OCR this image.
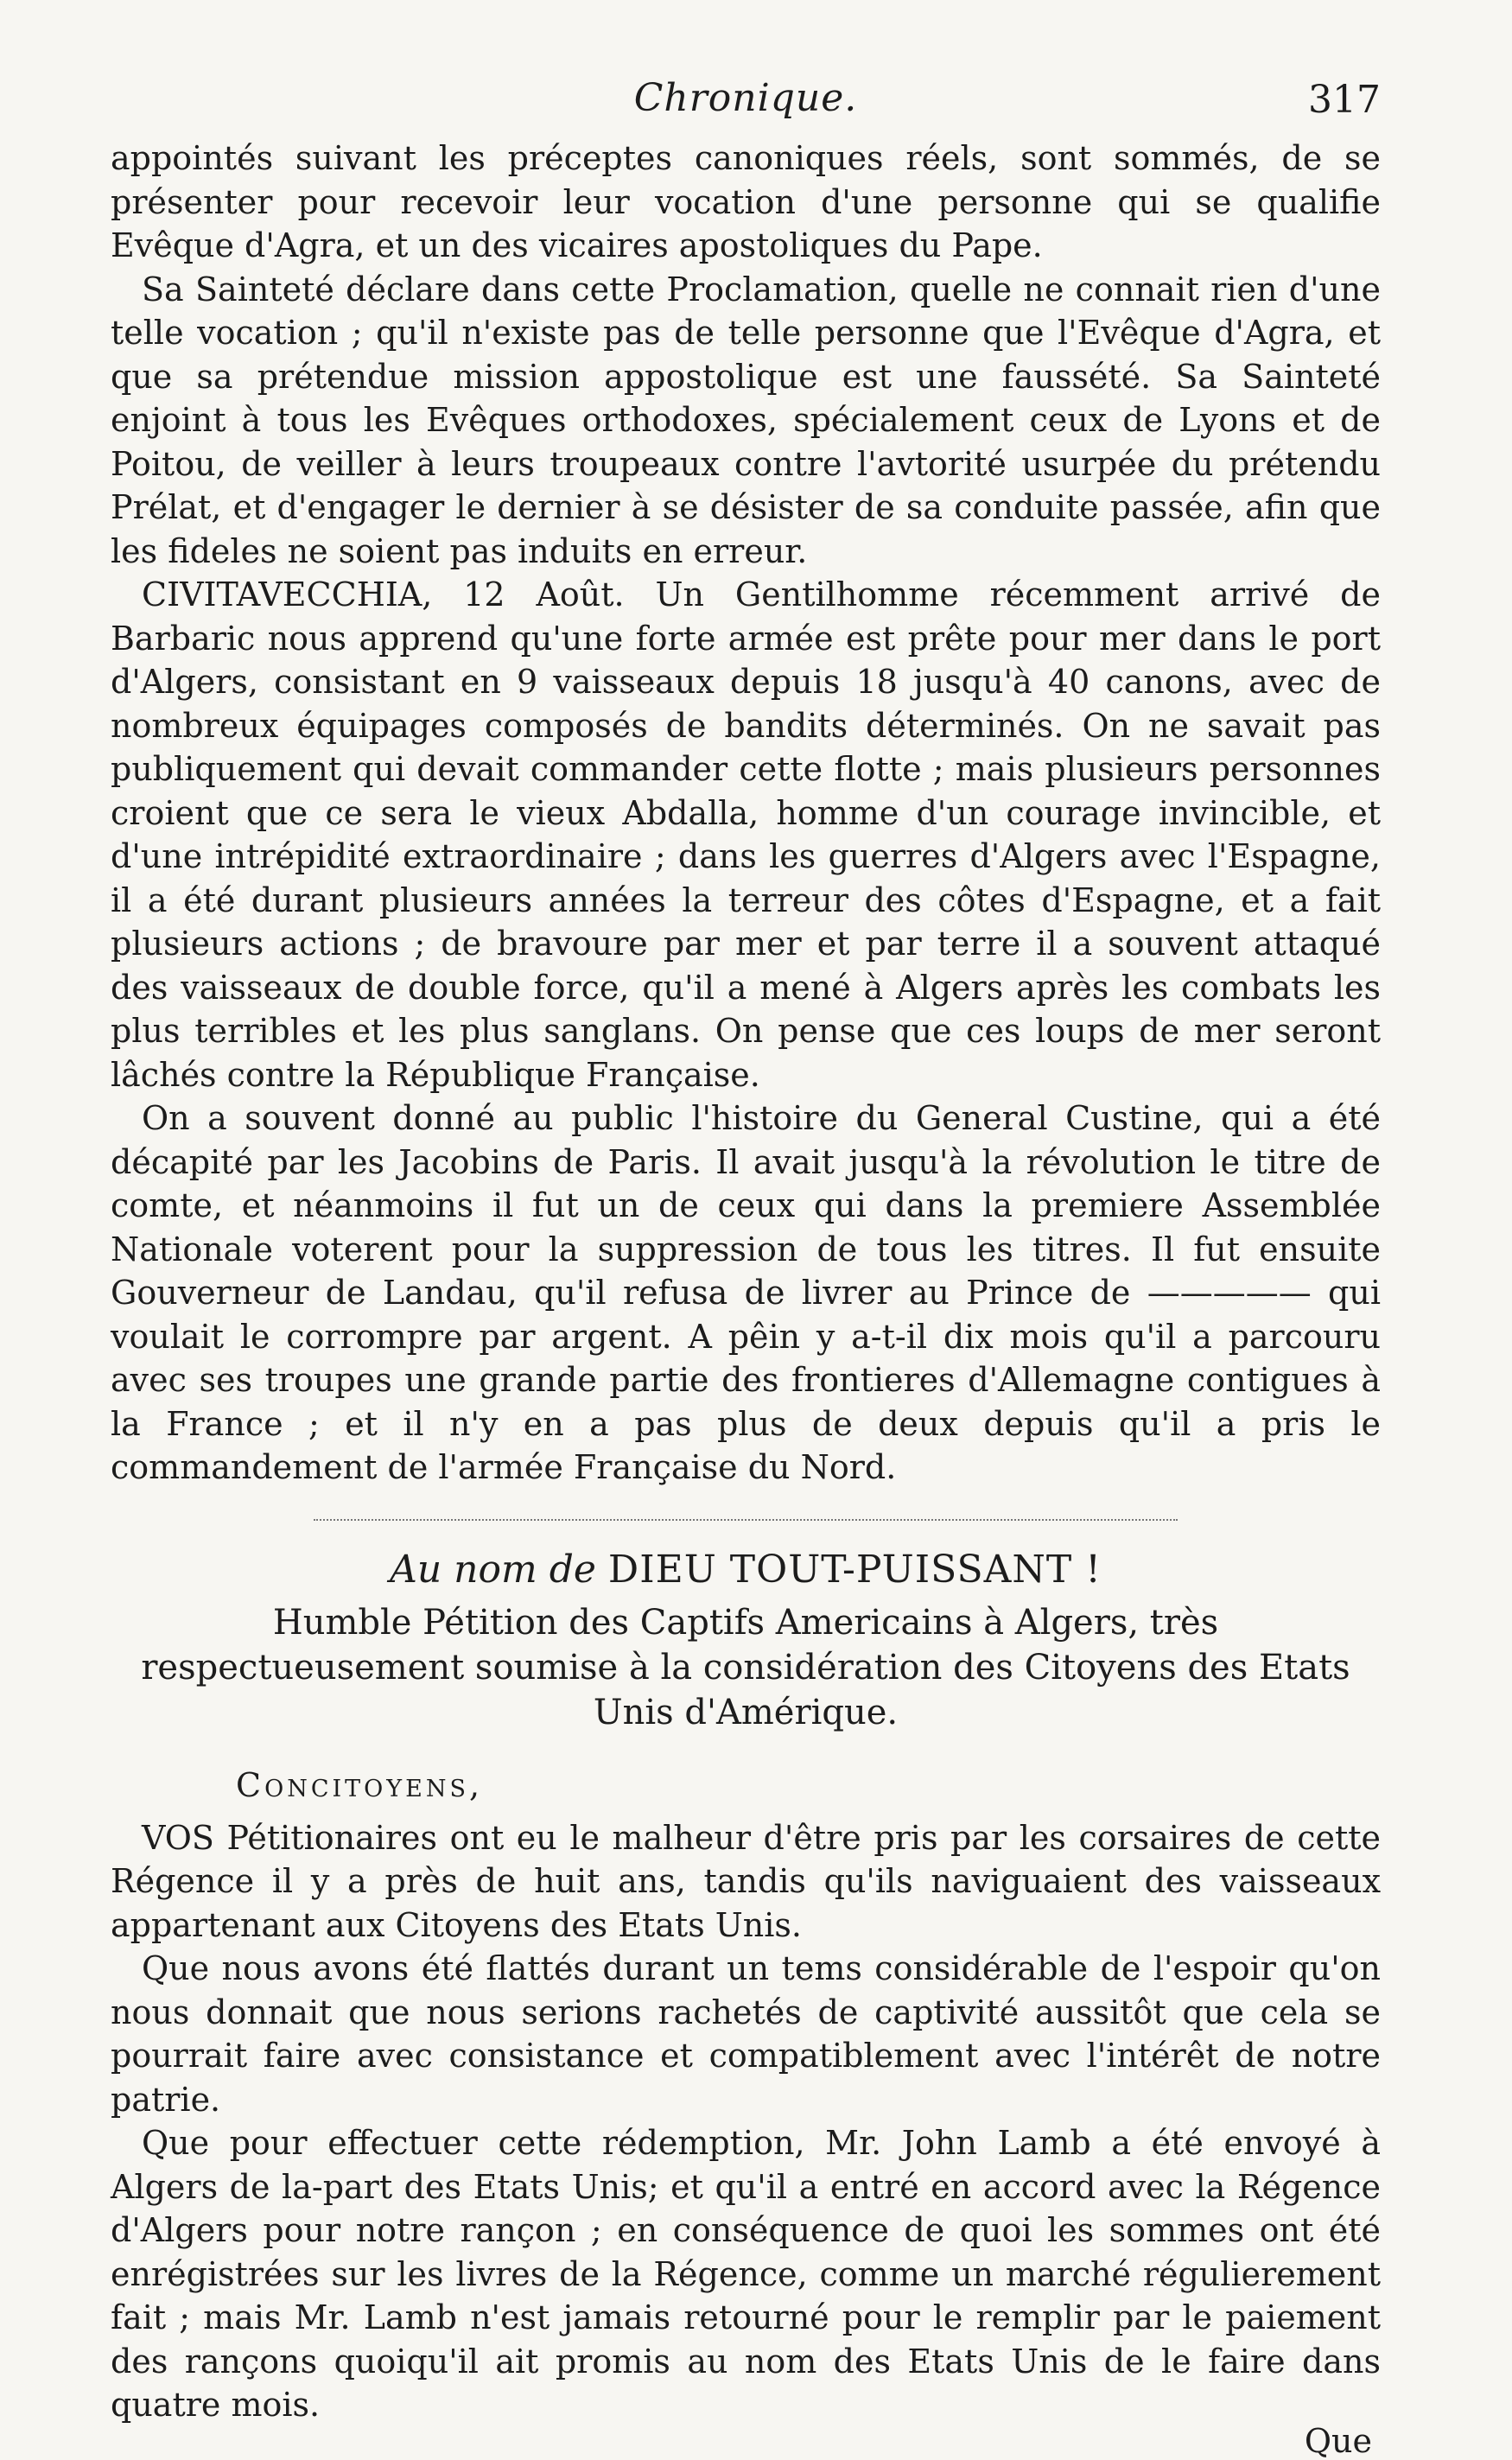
Chronique.	317

appointés suivant les préceptes canoniques réels, sont sommés, de se présenter pour recevoir leur vocation d'une personne qui se qualifie Evêque d'Agra, et un des vicaires apostoliques du Pape.

Sa Sainteté déclare dans cette Proclamation, quelle ne connait rien d'une telle vocation ; qu'il n'existe pas de telle personne que l'Evêque d'Agra, et que sa prétendue mission appostolique est une faussété. Sa Sainteté enjoint à tous les Evêques orthodoxes, spécialement ceux de Lyons et de Poitou, de veiller à leurs troupeaux contre l'avtorité usurpée du prétendu Prélat, et d'engager le dernier à se désister de sa conduite passée, afin que les fideles ne soient pas induits en erreur.

CIVITAVECCHIA, 12 Août. Un Gentilhomme récemment arrivé de Barbaric nous apprend qu'une forte armée est prête pour mer dans le port d'Algers, consistant en 9 vaisseaux depuis 18 jusqu'à 40 canons, avec de nombreux équipages composés de bandits déterminés. On ne savait pas publiquement qui devait commander cette flotte ; mais plusieurs personnes croient que ce sera le vieux Abdalla, homme d'un courage invincible, et d'une intrépidité extraordinaire ; dans les guerres d'Algers avec l'Espagne, il a été durant plusieurs années la terreur des côtes d'Espagne, et a fait plusieurs actions ; de bravoure par mer et par terre il a souvent attaqué des vaisseaux de double force, qu'il a mené à Algers après les combats les plus terribles et les plus sanglans. On pense que ces loups de mer seront lâchés contre la République Française.

On a souvent donné au public l'histoire du General Custine, qui a été décapité par les Jacobins de Paris. Il avait jusqu'à la révolution le titre de comte, et néanmoins il fut un de ceux qui dans la premiere Assemblée Nationale voterent pour la suppression de tous les titres. Il fut ensuite Gouverneur de Landau, qu'il refusa de livrer au Prince de ————— qui voulait le corrompre par argent. A pêin y a-t-il dix mois qu'il a parcouru avec ses troupes une grande partie des frontieres d'Allemagne contigues à la France ; et il n'y en a pas plus de deux depuis qu'il a pris le commandement de l'armée Française du Nord.

Au nom de DIEU TOUT-PUISSANT !

Humble Pétition des Captifs Americains à Algers, très respectueusement soumise à la considération des Citoyens des Etats Unis d'Amérique.

Concitoyens,

VOS Pétitionaires ont eu le malheur d'être pris par les corsaires de cette Régence il y a près de huit ans, tandis qu'ils naviguaient des vaisseaux appartenant aux Citoyens des Etats Unis.

Que nous avons été flattés durant un tems considérable de l'espoir qu'on nous donnait que nous serions rachetés de captivité aussitôt que cela se pourrait faire avec consistance et compatiblement avec l'intérêt de notre patrie.

Que pour effectuer cette rédemption, Mr. John Lamb a été envoyé à Algers de la-part des Etats Unis; et qu'il a entré en accord avec la Régence d'Algers pour notre rançon ; en conséquence de quoi les sommes ont été enrégistrées sur les livres de la Régence, comme un marché régulierement fait ; mais Mr. Lamb n'est jamais retourné pour le remplir par le paiement des rançons quoiqu'il ait promis au nom des Etats Unis de le faire dans quatre mois.

Que
